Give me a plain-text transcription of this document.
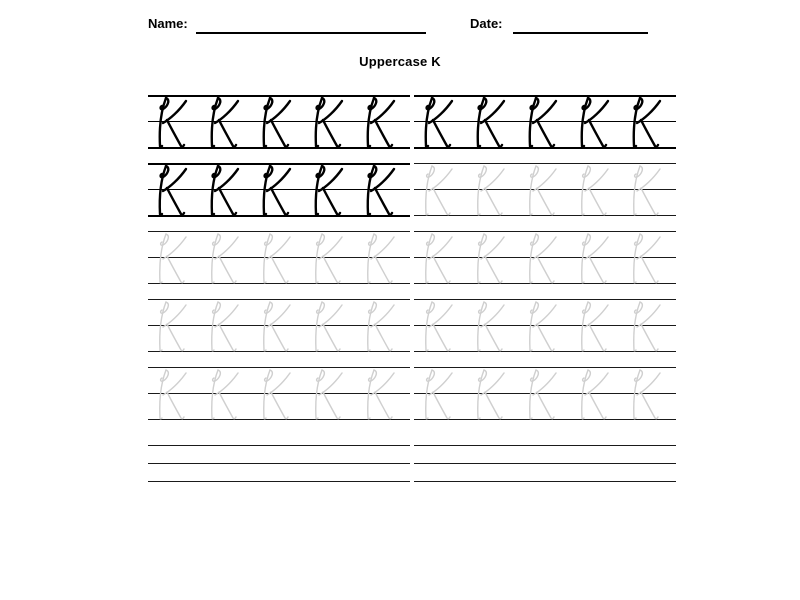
Name:	Date:
Uppercase K
